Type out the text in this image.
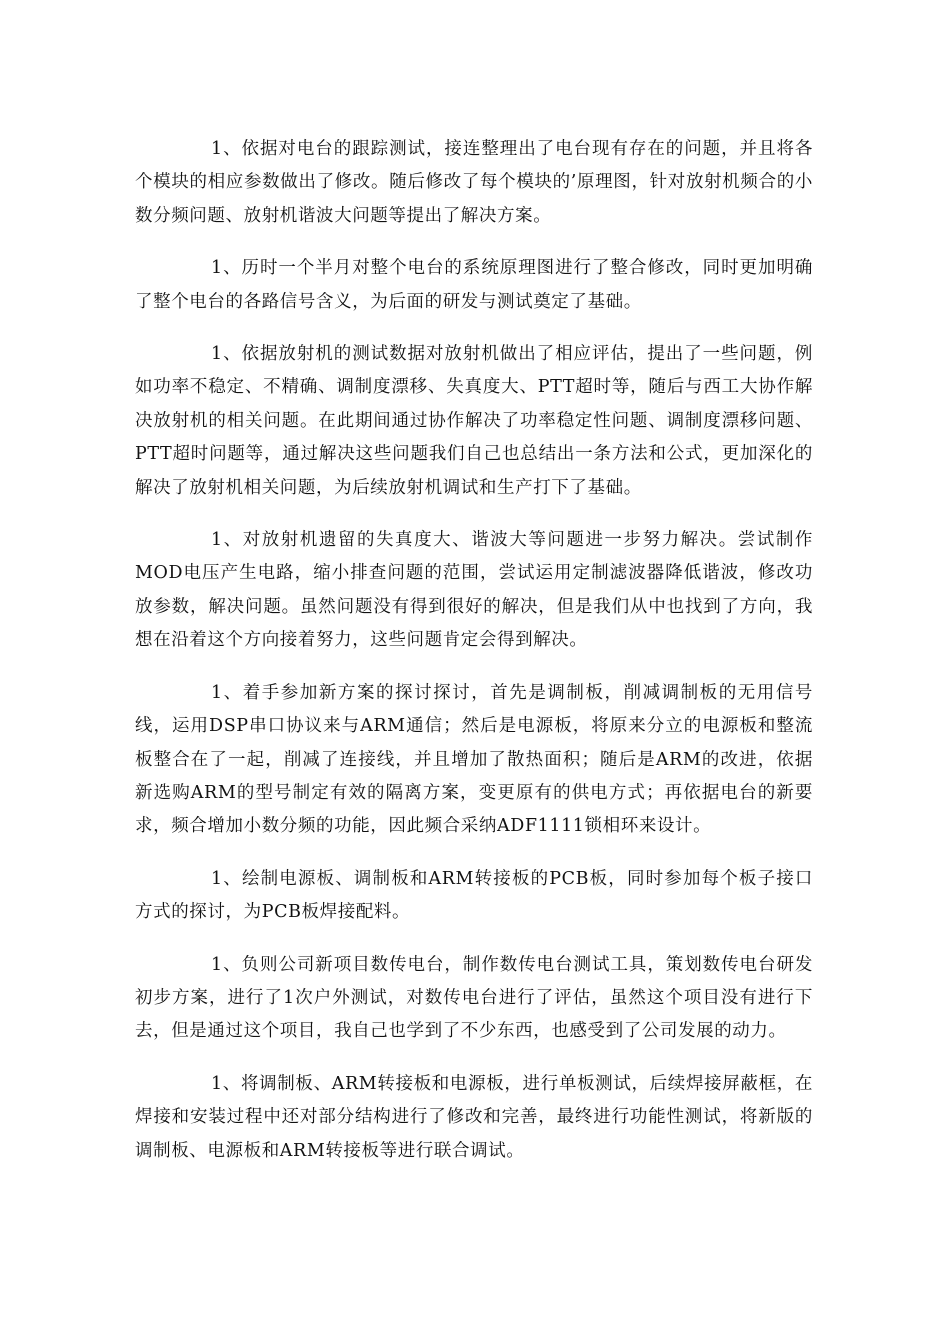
1、依据对电台的跟踪测试，接连整理出了电台现有存在的问题，并且将各个模块的相应参数做出了修改。随后修改了每个模块的’原理图，针对放射机频合的小数分频问题、放射机谐波大问题等提出了解决方案。

1、历时一个半月对整个电台的系统原理图进行了整合修改，同时更加明确了整个电台的各路信号含义，为后面的研发与测试奠定了基础。

1、依据放射机的测试数据对放射机做出了相应评估，提出了一些问题，例如功率不稳定、不精确、调制度漂移、失真度大、PTT超时等，随后与西工大协作解决放射机的相关问题。在此期间通过协作解决了功率稳定性问题、调制度漂移问题、PTT超时问题等，通过解决这些问题我们自己也总结出一条方法和公式，更加深化的解决了放射机相关问题，为后续放射机调试和生产打下了基础。

1、对放射机遗留的失真度大、谐波大等问题进一步努力解决。尝试制作MOD电压产生电路，缩小排查问题的范围，尝试运用定制滤波器降低谐波，修改功放参数，解决问题。虽然问题没有得到很好的解决，但是我们从中也找到了方向，我想在沿着这个方向接着努力，这些问题肯定会得到解决。

1、着手参加新方案的探讨探讨，首先是调制板，削减调制板的无用信号线，运用DSP串口协议来与ARM通信；然后是电源板，将原来分立的电源板和整流板整合在了一起，削减了连接线，并且增加了散热面积；随后是ARM的改进，依据新选购ARM的型号制定有效的隔离方案，变更原有的供电方式；再依据电台的新要求，频合增加小数分频的功能，因此频合采纳ADF1111锁相环来设计。

1、绘制电源板、调制板和ARM转接板的PCB板，同时参加每个板子接口方式的探讨，为PCB板焊接配料。

1、负则公司新项目数传电台，制作数传电台测试工具，策划数传电台研发初步方案，进行了1次户外测试，对数传电台进行了评估，虽然这个项目没有进行下去，但是通过这个项目，我自己也学到了不少东西，也感受到了公司发展的动力。

1、将调制板、ARM转接板和电源板，进行单板测试，后续焊接屏蔽框，在焊接和安装过程中还对部分结构进行了修改和完善，最终进行功能性测试，将新版的调制板、电源板和ARM转接板等进行联合调试。
